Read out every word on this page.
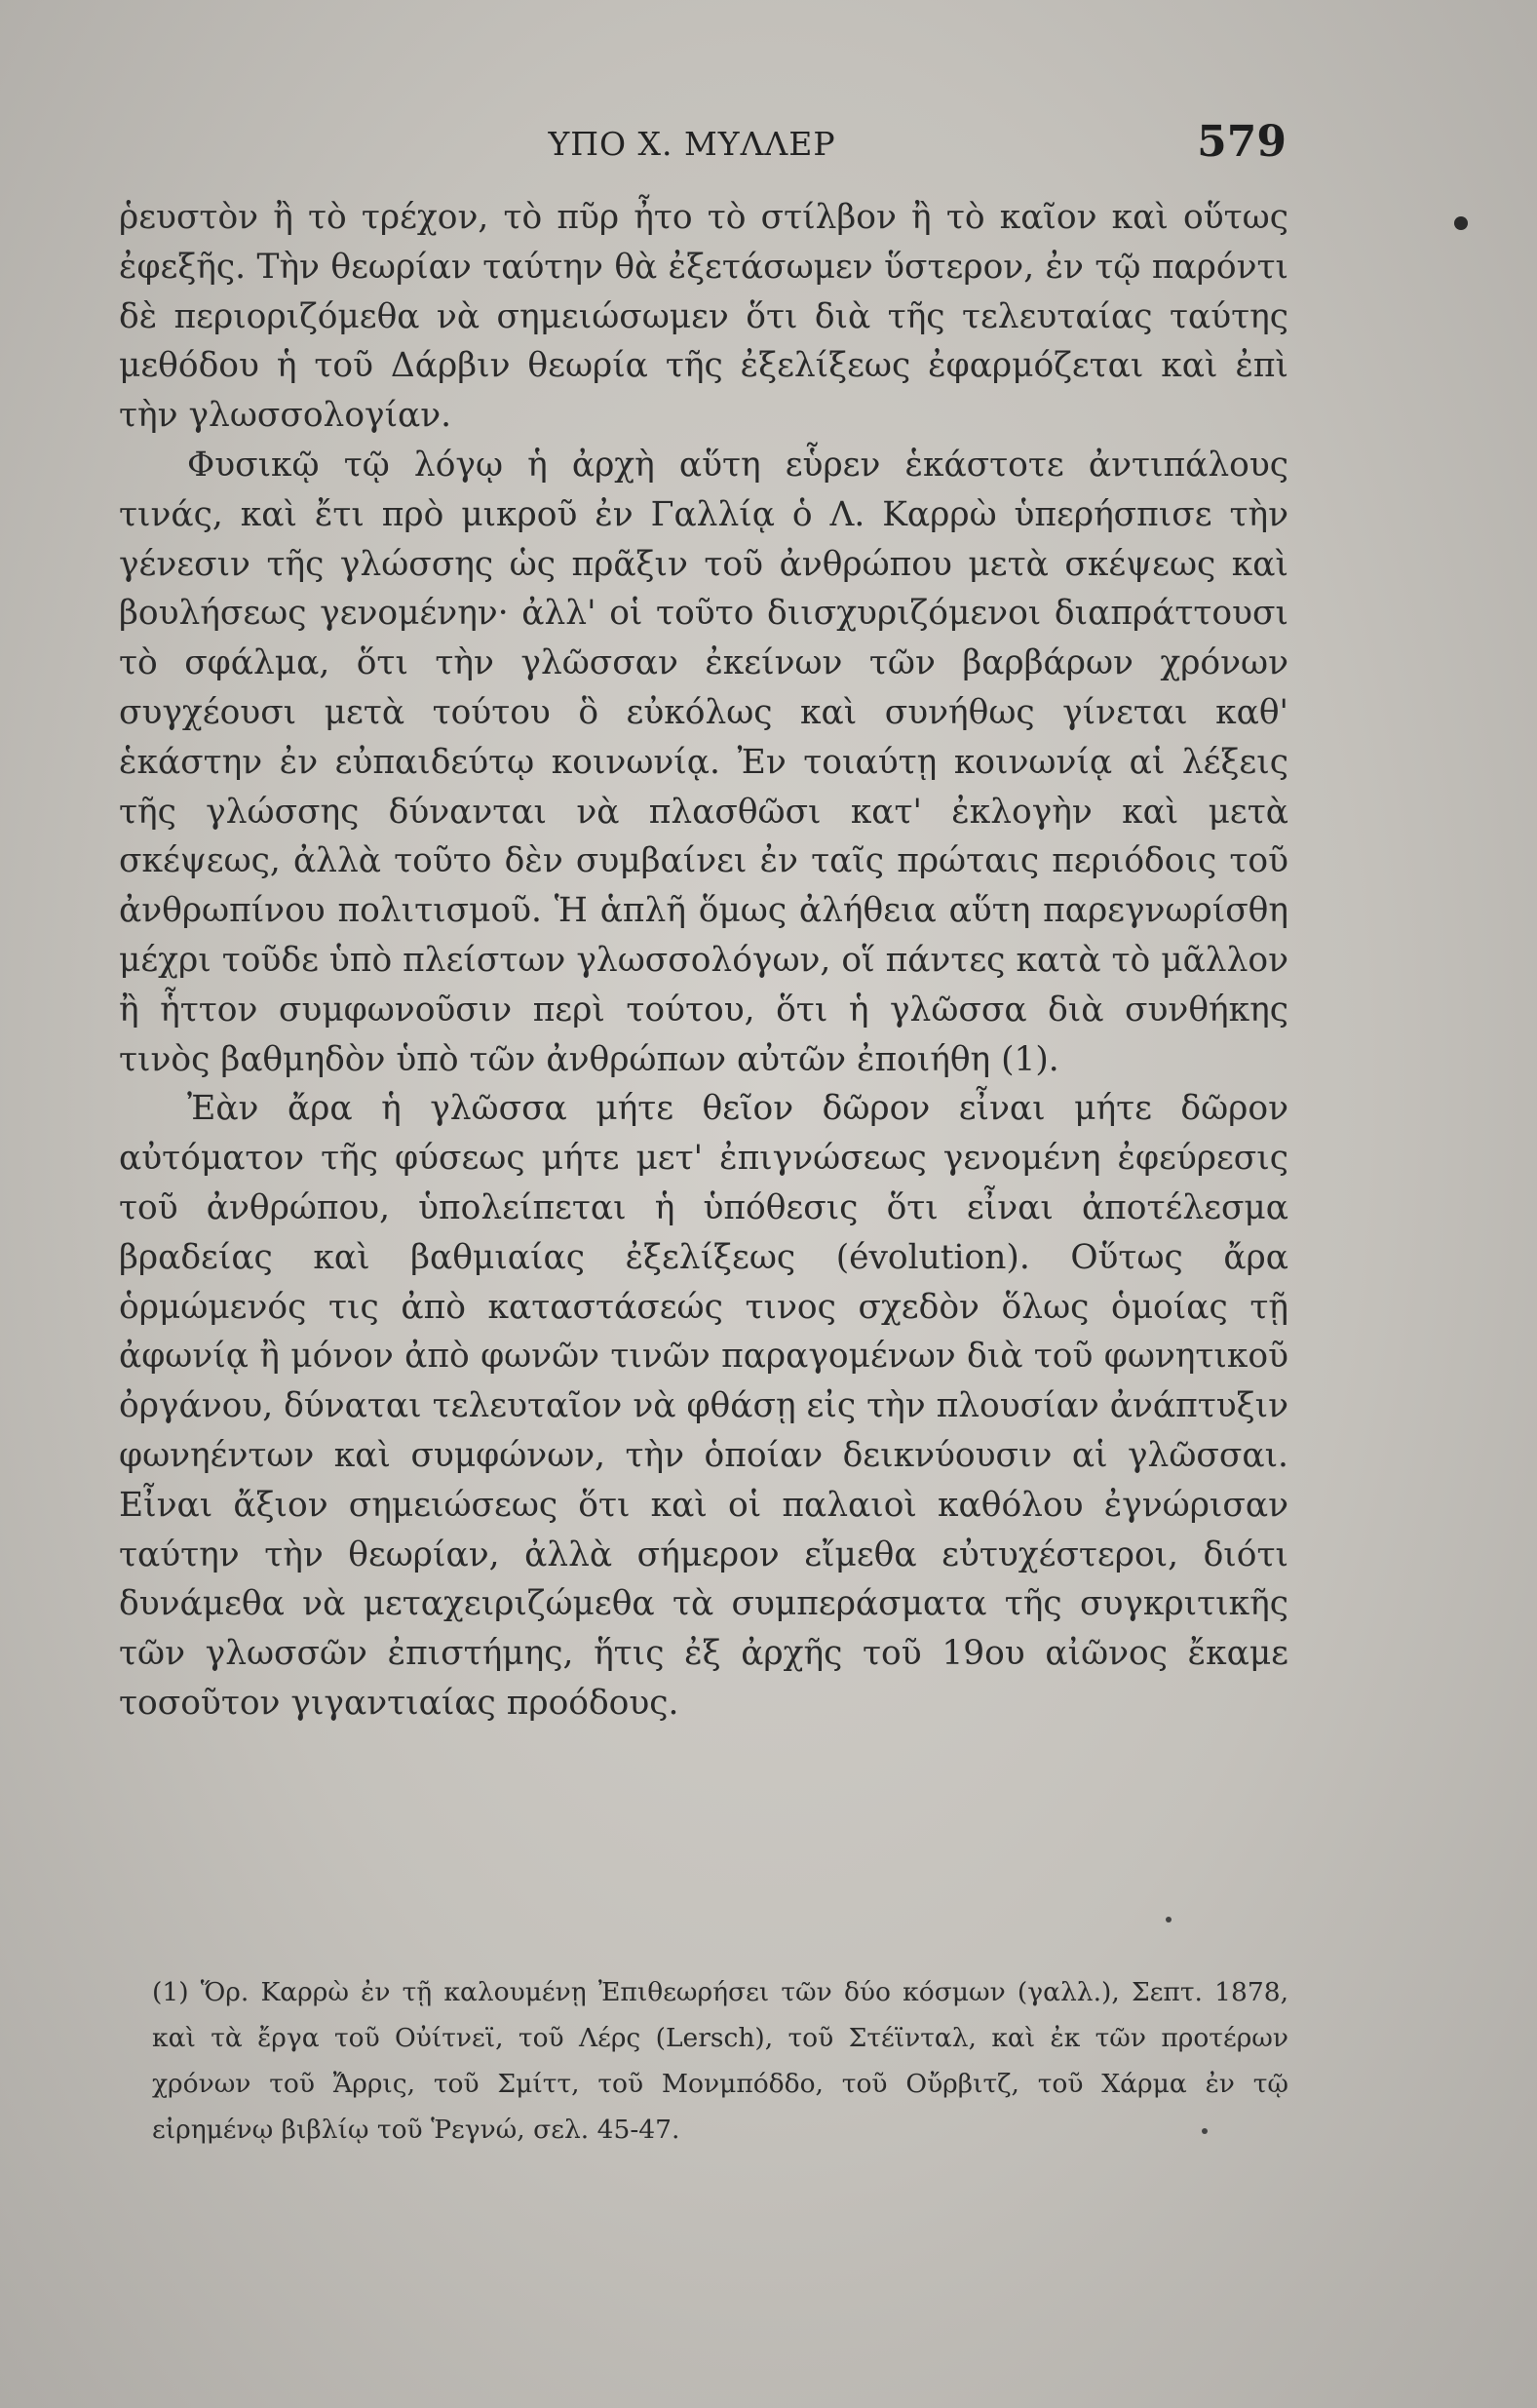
ΥΠΟ Χ. ΜΥΛΛΕΡ	579

ῥευστὸν ἢ τὸ τρέχον, τὸ πῦρ ἦτο τὸ στίλβον ἢ τὸ καῖον καὶ οὕτως ἐφεξῆς. Τὴν θεωρίαν ταύτην θὰ ἐξετάσωμεν ὕστερον, ἐν τῷ παρόντι δὲ περιοριζόμεθα νὰ σημειώσωμεν ὅτι διὰ τῆς τελευταίας ταύτης μεθόδου ἡ τοῦ Δάρβιν θεωρία τῆς ἐξελίξεως ἐφαρμόζεται καὶ ἐπὶ τὴν γλωσσολογίαν.

Φυσικῷ τῷ λόγῳ ἡ ἀρχὴ αὕτη εὗρεν ἑκάστοτε ἀντιπάλους τινάς, καὶ ἔτι πρὸ μικροῦ ἐν Γαλλίᾳ ὁ Λ. Καρρὼ ὑπερήσπισε τὴν γένεσιν τῆς γλώσσης ὡς πρᾶξιν τοῦ ἀνθρώπου μετὰ σκέψεως καὶ βουλήσεως γενομένην· ἀλλ' οἱ τοῦτο διισχυριζόμενοι διαπράττουσι τὸ σφάλμα, ὅτι τὴν γλῶσσαν ἐκείνων τῶν βαρβάρων χρόνων συγχέουσι μετὰ τούτου ὃ εὐκόλως καὶ συνήθως γίνεται καθ' ἑκάστην ἐν εὐπαιδεύτῳ κοινωνίᾳ. Ἐν τοιαύτῃ κοινωνίᾳ αἱ λέξεις τῆς γλώσσης δύνανται νὰ πλασθῶσι κατ' ἐκλογὴν καὶ μετὰ σκέψεως, ἀλλὰ τοῦτο δὲν συμβαίνει ἐν ταῖς πρώταις περιόδοις τοῦ ἀνθρωπίνου πολιτισμοῦ. Ἡ ἁπλῆ ὅμως ἀλήθεια αὕτη παρεγνωρίσθη μέχρι τοῦδε ὑπὸ πλείστων γλωσσολόγων, οἵ πάντες κατὰ τὸ μᾶλλον ἢ ἧττον συμφωνοῦσιν περὶ τούτου, ὅτι ἡ γλῶσσα διὰ συνθήκης τινὸς βαθμηδὸν ὑπὸ τῶν ἀνθρώπων αὐτῶν ἐποιήθη (1).

Ἐὰν ἄρα ἡ γλῶσσα μήτε θεῖον δῶρον εἶναι μήτε δῶρον αὐτόματον τῆς φύσεως μήτε μετ' ἐπιγνώσεως γενομένη ἐφεύρεσις τοῦ ἀνθρώπου, ὑπολείπεται ἡ ὑπόθεσις ὅτι εἶναι ἀποτέλεσμα βραδείας καὶ βαθμιαίας ἐξελίξεως (évolution). Οὕτως ἄρα ὁρμώμενός τις ἀπὸ καταστάσεώς τινος σχεδὸν ὅλως ὁμοίας τῇ ἀφωνίᾳ ἢ μόνον ἀπὸ φωνῶν τινῶν παραγομένων διὰ τοῦ φωνητικοῦ ὀργάνου, δύναται τελευταῖον νὰ φθάσῃ εἰς τὴν πλουσίαν ἀνάπτυξιν φωνηέντων καὶ συμφώνων, τὴν ὁποίαν δεικνύουσιν αἱ γλῶσσαι. Εἶναι ἄξιον σημειώσεως ὅτι καὶ οἱ παλαιοὶ καθόλου ἐγνώρισαν ταύτην τὴν θεωρίαν, ἀλλὰ σήμερον εἴμεθα εὐτυχέστεροι, διότι δυνάμεθα νὰ μεταχειριζώμεθα τὰ συμπεράσματα τῆς συγκριτικῆς τῶν γλωσσῶν ἐπιστήμης, ἥτις ἐξ ἀρχῆς τοῦ 19ου αἰῶνος ἔκαμε τοσοῦτον γιγαντιαίας προόδους.

(1) Ὅρ. Καρρὼ ἐν τῇ καλουμένῃ Ἐπιθεωρήσει τῶν δύο κόσμων (γαλλ.), Σεπτ. 1878, καὶ τὰ ἔργα τοῦ Οὐίτνεϊ, τοῦ Λέρς (Lersch), τοῦ Στέϊνταλ, καὶ ἐκ τῶν προτέρων χρόνων τοῦ Ἄρρις, τοῦ Σμίττ, τοῦ Μονμπόδδο, τοῦ Οὔρβιτζ, τοῦ Χάρμα ἐν τῷ εἰρημένῳ βιβλίῳ τοῦ Ῥεγνώ, σελ. 45-47.
